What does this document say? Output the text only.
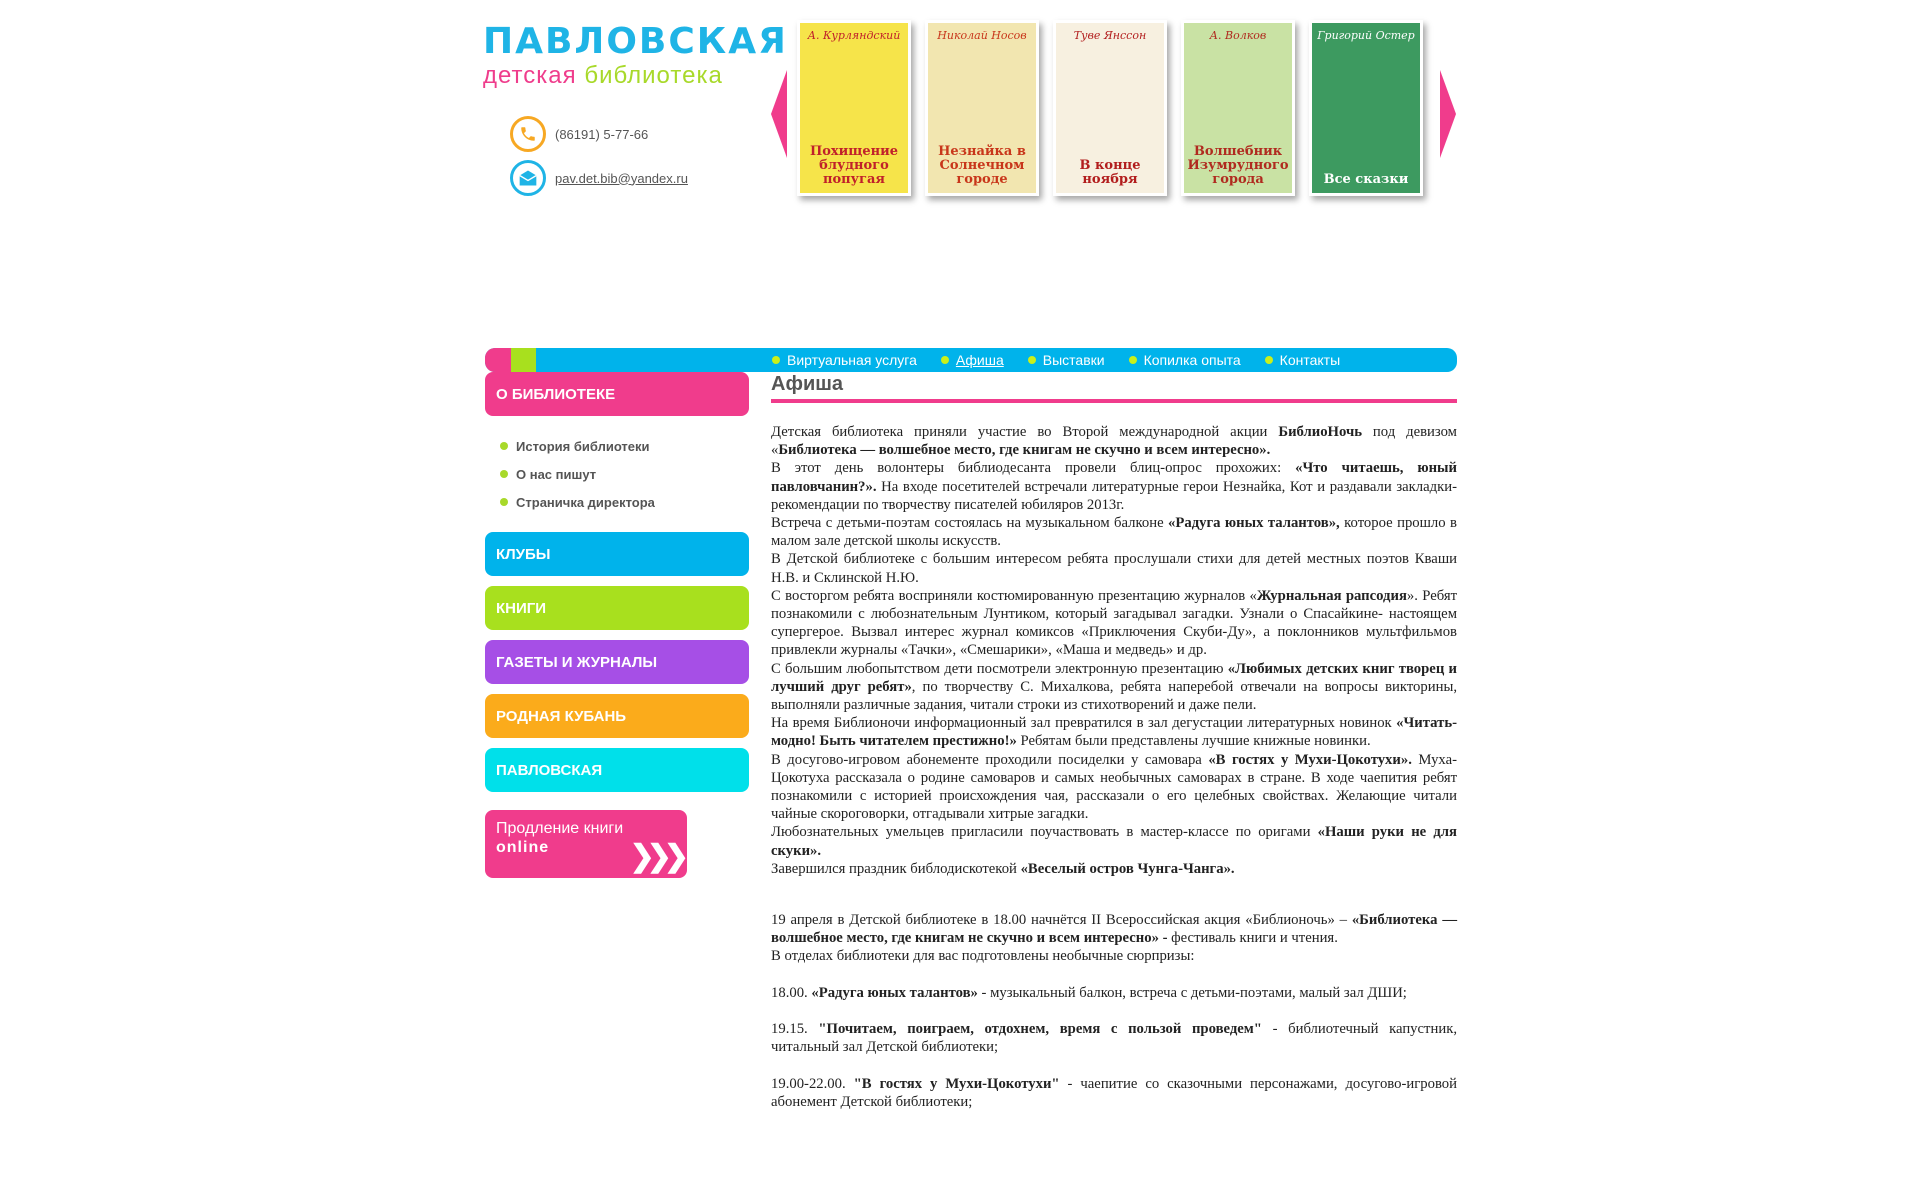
ПАВЛОВСКАЯ
детская библиотека
(86191) 5-77-66
pav.det.bib@yandex.ru
А. Курляндский
Похищение блудного попугая
Николай Носов
Незнайка в Солнечном городе
Туве Янссон
В конце ноября
А. Волков
Волшебник Изумрудного города
Григорий Остер
Все сказки
Виртуальная услуга	Афиша	Выставки	Копилка опыта	Контакты
О БИБЛИОТЕКЕ
История библиотеки
О нас пишут
Страничка директора
КЛУБЫ
КНИГИ
ГАЗЕТЫ И ЖУРНАЛЫ
РОДНАЯ КУБАНЬ
ПАВЛОВСКАЯ
Продление книги
online	❯❯❯
Афиша

Детская библиотека приняли участие во Второй международной акции БиблиоНочь под девизом «Библиотека — волшебное место, где книгам не скучно и всем интересно».

В этот день волонтеры библиодесанта провели блиц-опрос прохожих: «Что читаешь, юный павловчанин?». На входе посетителей встречали литературные герои Незнайка, Кот и раздавали закладки-рекомендации по творчеству писателей юбиляров 2013г.

Встреча с детьми-поэтам состоялась на музыкальном балконе «Радуга юных талантов», которое прошло в малом зале детской школы искусств.

В Детской библиотеке с большим интересом ребята прослушали стихи для детей местных поэтов Кваши Н.В. и Склинской Н.Ю.

С восторгом ребята восприняли костюмированную презентацию журналов «Журнальная рапсодия». Ребят познакомили с любознательным Лунтиком, который загадывал загадки. Узнали о Спасайкине- настоящем супергерое. Вызвал интерес журнал комиксов «Приключения Скуби-Ду», а поклонников мультфильмов привлекли журналы «Тачки», «Смешарики», «Маша и медведь» и др.

С большим любопытством дети посмотрели электронную презентацию «Любимых детских книг творец и лучший друг ребят», по творчеству С. Михалкова, ребята наперебой отвечали на вопросы викторины, выполняли различные задания, читали строки из стихотворений и даже пели.

На время Библионочи информационный зал превратился в зал дегустации литературных новинок «Читать- модно! Быть читателем престижно!» Ребятам были представлены лучшие книжные новинки.

В досугово-игровом абонементе проходили посиделки у самовара «В гостях у Мухи-Цокотухи». Муха-Цокотуха рассказала о родине самоваров и самых необычных самоварах в стране. В ходе чаепития ребят познакомили с историей происхождения чая, рассказали о его целебных свойствах. Желающие читали чайные скороговорки, отгадывали хитрые загадки.

Любознательных умельцев пригласили поучаствовать в мастер-классе по оригами «Наши руки не для скуки».

Завершился праздник библодискотекой «Веселый остров Чунга-Чанга».

19 апреля в Детской библиотеке в 18.00 начнётся II Всероссийская акция «Библионочь» – «Библиотека — волшебное место, где книгам не скучно и всем интересно» - фестиваль книги и чтения.

В отделах библиотеки для вас подготовлены необычные сюрпризы:

18.00. «Радуга юных талантов» - музыкальный балкон, встреча с детьми-поэтами, малый зал ДШИ;

19.15. "Почитаем, поиграем, отдохнем, время с пользой проведем" - библиотечный капустник, читальный зал Детской библиотеки;

19.00-22.00. "В гостях у Мухи-Цокотухи" - чаепитие со сказочными персонажами, досугово-игровой абонемент Детской библиотеки;
